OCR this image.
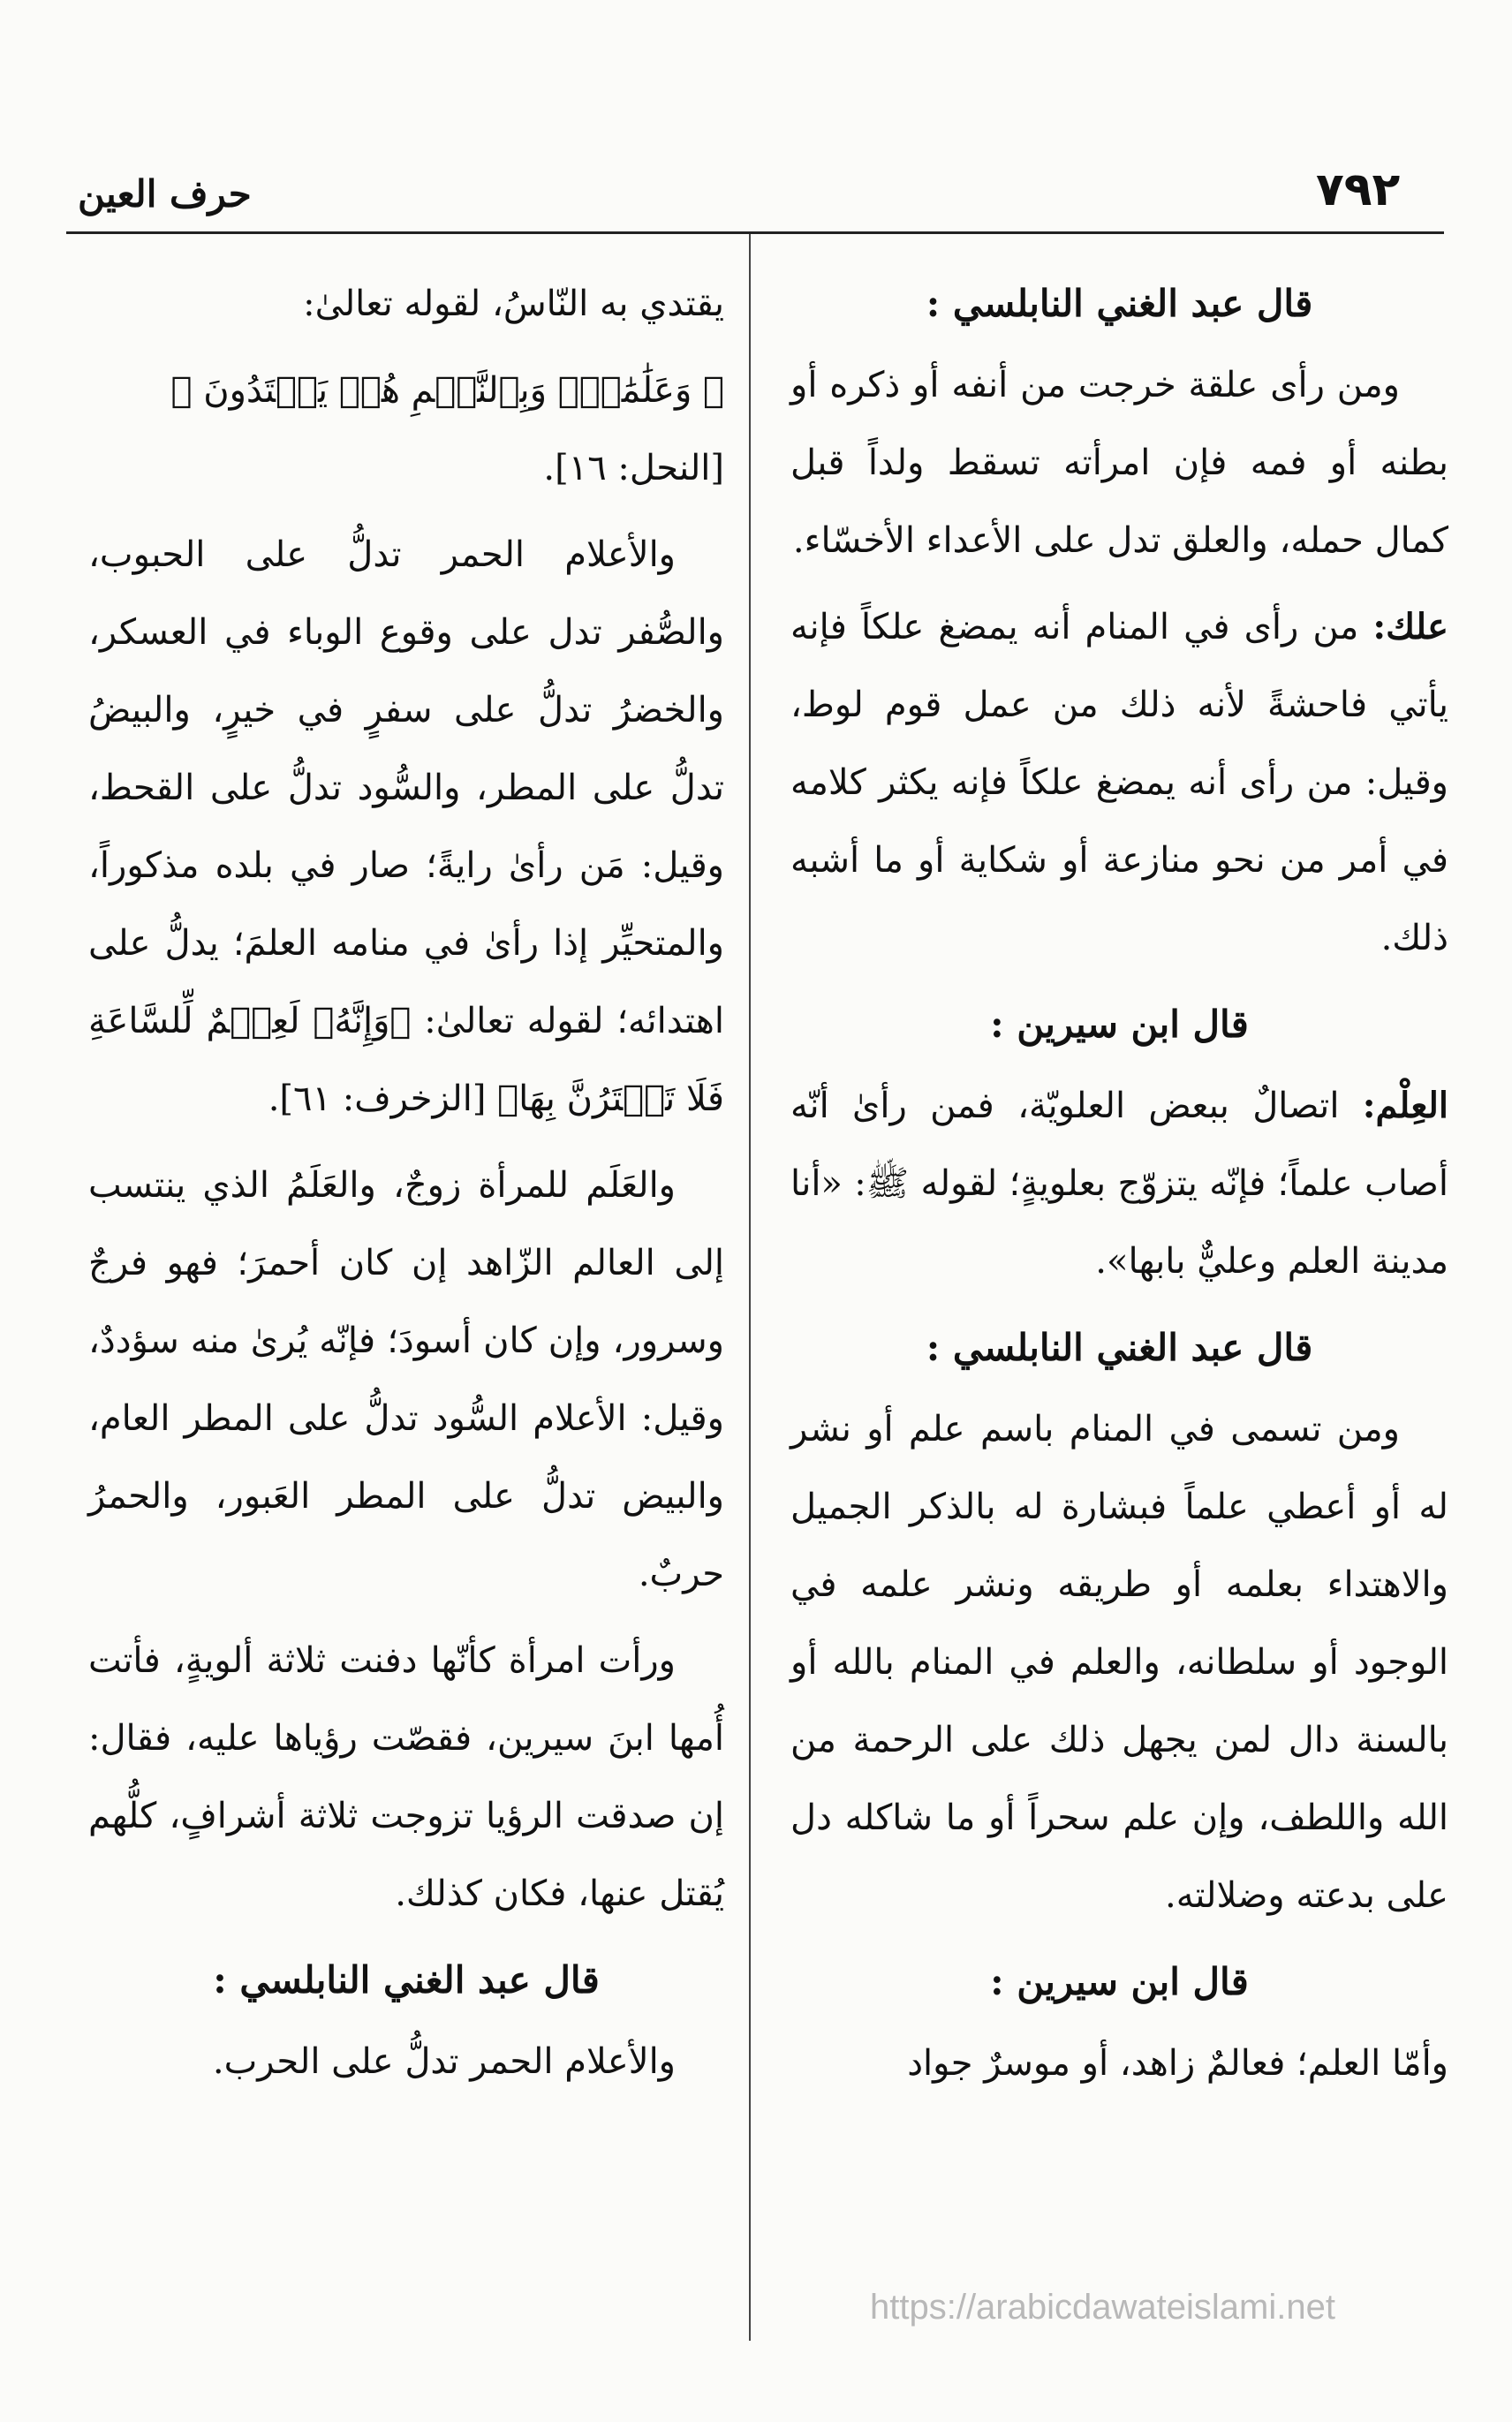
٧٩٢
حرف العين
قال عبد الغني النابلسي :

ومن رأى علقة خرجت من أنفه أو ذكره أو بطنه أو فمه فإن امرأته تسقط ولداً قبل كمال حمله، والعلق تدل على الأعداء الأخسّاء.

علك: من رأى في المنام أنه يمضغ علكاً فإنه يأتي فاحشةً لأنه ذلك من عمل قوم لوط، وقيل: من رأى أنه يمضغ علكاً فإنه يكثر كلامه في أمر من نحو منازعة أو شكاية أو ما أشبه ذلك.

قال ابن سيرين :

العِلْم: اتصالٌ ببعض العلويّة، فمن رأىٰ أنّه أصاب علماً؛ فإنّه يتزوّج بعلويةٍ؛ لقوله ﷺ: «أنا مدينة العلم وعليٌّ بابها».

قال عبد الغني النابلسي :

ومن تسمى في المنام باسم علم أو نشر له أو أعطي علماً فبشارة له بالذكر الجميل والاهتداء بعلمه أو طريقه ونشر علمه في الوجود أو سلطانه، والعلم في المنام بالله أو بالسنة دال لمن يجهل ذلك على الرحمة من الله واللطف، وإن علم سحراً أو ما شاكله دل على بدعته وضلالته.

قال ابن سيرين :

وأمّا العلم؛ فعالمٌ زاهد، أو موسرٌ جواد

يقتدي به النّاسُ، لقوله تعالىٰ:

﴿ وَعَلَٰمَٰتٍۚ وَبِٱلنَّجۡمِ هُمۡ يَهۡتَدُونَ ﴾

[النحل: ١٦].

والأعلام الحمر تدلُّ على الحبوب، والصُّفر تدل على وقوع الوباء في العسكر، والخضرُ تدلُّ على سفرٍ في خيرٍ، والبيضُ تدلُّ على المطر، والسُّود تدلُّ على القحط، وقيل: مَن رأىٰ رايةً؛ صار في بلده مذكوراً، والمتحيِّر إذا رأىٰ في منامه العلمَ؛ يدلُّ على اهتدائه؛ لقوله تعالىٰ: ﴿وَإِنَّهُۥ لَعِلۡمٌ لِّلسَّاعَةِ فَلَا تَمۡتَرُنَّ بِهَا﴾ [الزخرف: ٦١].

والعَلَم للمرأة زوجٌ، والعَلَمُ الذي ينتسب إلى العالم الزّاهد إن كان أحمرَ؛ فهو فرجٌ وسرور، وإن كان أسودَ؛ فإنّه يُرىٰ منه سؤددٌ، وقيل: الأعلام السُّود تدلُّ على المطر العام، والبيض تدلُّ على المطر العَبور، والحمرُ حربٌ.

ورأت امرأة كأنّها دفنت ثلاثة ألويةٍ، فأتت أُمها ابنَ سيرين، فقصّت رؤياها عليه، فقال: إن صدقت الرؤيا تزوجت ثلاثة أشرافٍ، كلُّهم يُقتل عنها، فكان كذلك.

قال عبد الغني النابلسي :

والأعلام الحمر تدلُّ على الحرب.

https://arabicdawateislami.net
